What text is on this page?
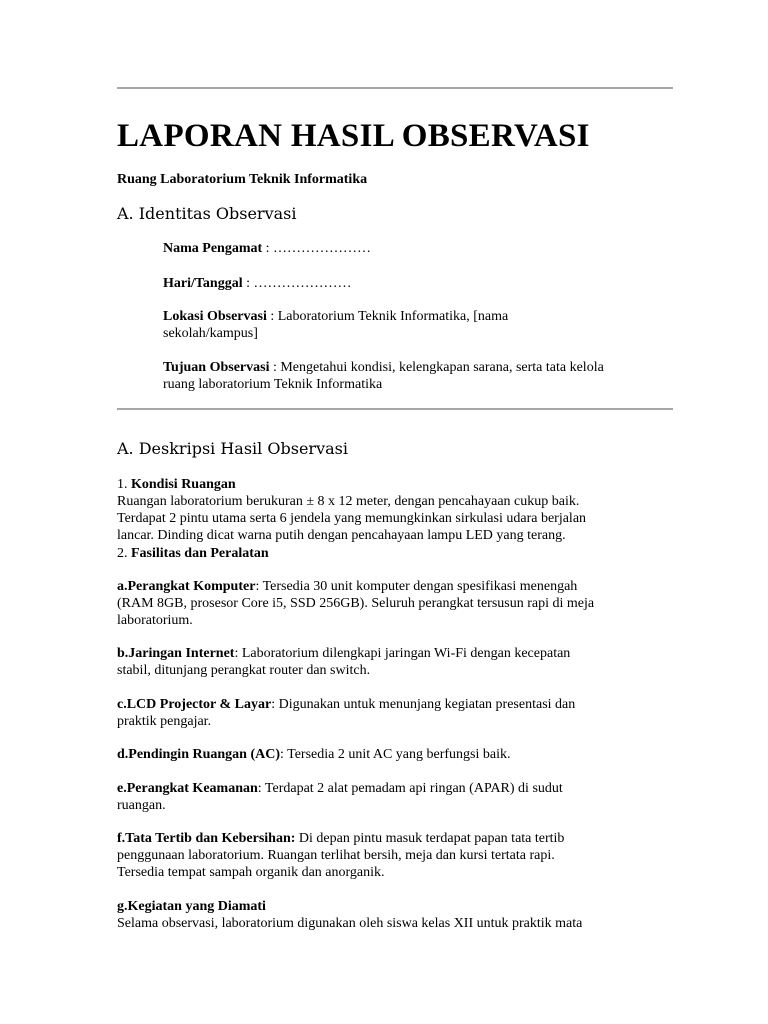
LAPORAN HASIL OBSERVASI

Ruang Laboratorium Teknik Informatika

A. Identitas Observasi

Nama Pengamat : …………………

Hari/Tanggal : …………………

Lokasi Observasi : Laboratorium Teknik Informatika, [nama
sekolah/kampus]

Tujuan Observasi : Mengetahui kondisi, kelengkapan sarana, serta tata kelola
ruang laboratorium Teknik Informatika

A. Deskripsi Hasil Observasi

1. Kondisi Ruangan
Ruangan laboratorium berukuran ± 8 x 12 meter, dengan pencahayaan cukup baik.
Terdapat 2 pintu utama serta 6 jendela yang memungkinkan sirkulasi udara berjalan
lancar. Dinding dicat warna putih dengan pencahayaan lampu LED yang terang.

2. Fasilitas dan Peralatan

a.Perangkat Komputer: Tersedia 30 unit komputer dengan spesifikasi menengah
(RAM 8GB, prosesor Core i5, SSD 256GB). Seluruh perangkat tersusun rapi di meja
laboratorium.

b.Jaringan Internet: Laboratorium dilengkapi jaringan Wi-Fi dengan kecepatan
stabil, ditunjang perangkat router dan switch.

c.LCD Projector & Layar: Digunakan untuk menunjang kegiatan presentasi dan
praktik pengajar.

d.Pendingin Ruangan (AC): Tersedia 2 unit AC yang berfungsi baik.

e.Perangkat Keamanan: Terdapat 2 alat pemadam api ringan (APAR) di sudut
ruangan.

f.Tata Tertib dan Kebersihan: Di depan pintu masuk terdapat papan tata tertib
penggunaan laboratorium. Ruangan terlihat bersih, meja dan kursi tertata rapi.
Tersedia tempat sampah organik dan anorganik.

g.Kegiatan yang Diamati
Selama observasi, laboratorium digunakan oleh siswa kelas XII untuk praktik mata
